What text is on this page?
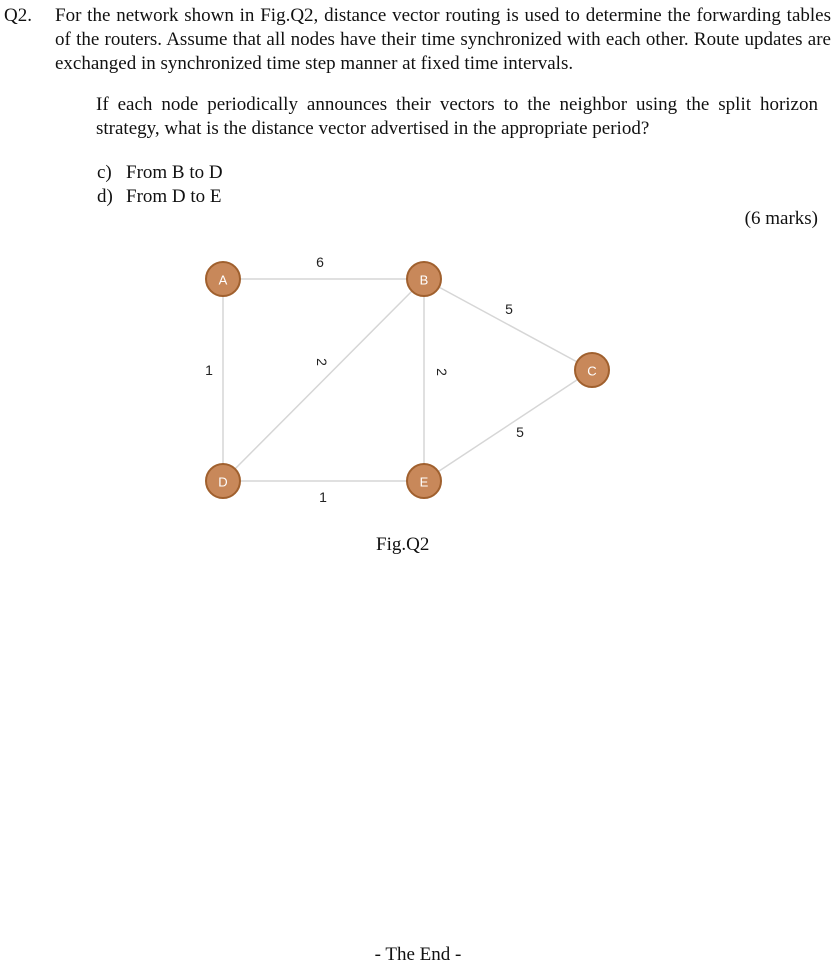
Q2. For the network shown in Fig.Q2, distance vector routing is used to determine the forwarding tables of the routers. Assume that all nodes have their time synchronized with each other. Route updates are exchanged in synchronized time step manner at fixed time intervals.

If each node periodically announces their vectors to the neighbor using the split horizon strategy, what is the distance vector advertised in the appropriate period?

c) From B to D
d) From D to E
(6 marks)
6
1	2
2
5
5
1
A	B
C
D	E
Fig.Q2
- The End -
